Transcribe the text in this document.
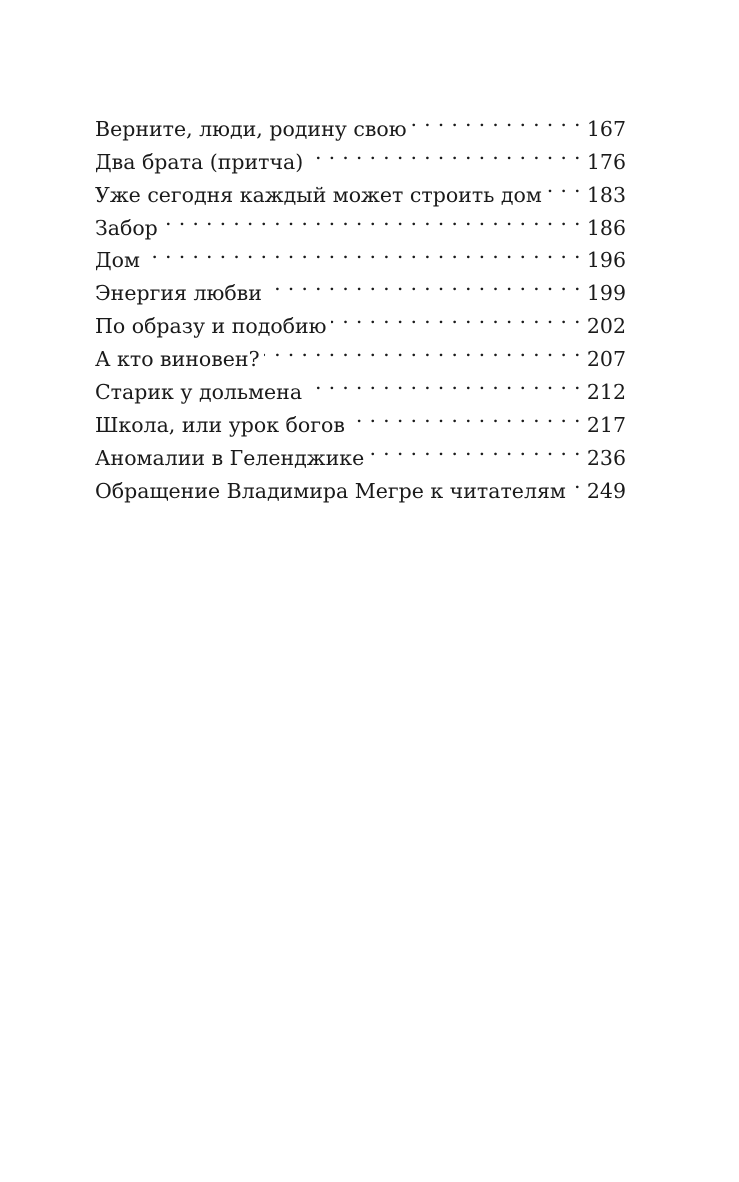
Верните, люди, родину свою . . .	167
Два брата (притча) . . .	176
Уже сегодня каждый может строить дом . . . 183
Забор . . .	186
Дом . . .	196
Энергия любви . . .	199
По образу и подобию . . .	202
А кто виновен? . . .	207
Старик у дольмена . . .	212
Школа, или урок богов . . .	217
Аномалии в Геленджике . . .	236
Обращение Владимира Мегре к читателям . . . 249
